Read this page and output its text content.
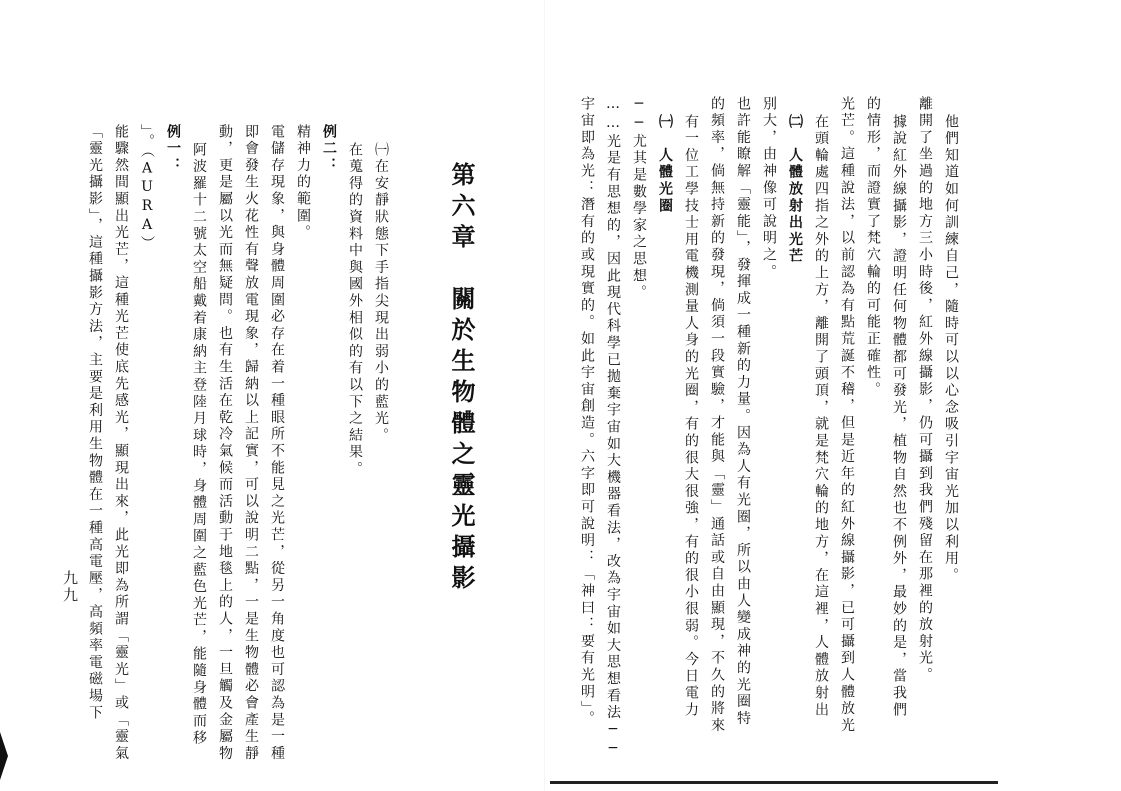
九九
㈠在安靜狀態下手指尖現出弱小的藍光。
在蒐得的資料中與國外相似的有以下之結果。
例二：
精神力的範圍。
電儲存現象，與身體周圍必存在着一種眼所不能見之光芒，從另一角度也可認為是一種
即會發生火花性有聲放電現象，歸納以上記實，可以說明二點，一是生物體必會產生靜
動，更是屬以光而無疑問。也有生活在乾冷氣候而活動于地毯上的人，一旦觸及金屬物
阿波羅十二號太空船戴着康納主登陸月球時，身體周圍之藍色光芒，能隨身體而移
例一：
」。（AURA）
能驟然間顯出光芒，這種光芒使底先感光，顯現出來，此光即為所謂「靈光」或「靈氣
「靈光攝影」，這種攝影方法，主要是利用生物體在一種高電壓，高頻率電磁場下	第六章　關於生物體之靈光攝影	他們知道如何訓練自己，隨時可以以心念吸引宇宙光加以利用。
離開了坐過的地方三小時後，紅外線攝影，仍可攝到我們殘留在那裡的放射光。
據說紅外線攝影，證明任何物體都可發光，植物自然也不例外，最妙的是，當我們
的情形，而證實了梵穴輪的可能正確性。
光芒。這種說法，以前認為有點荒誕不稽，但是近年的紅外線攝影，已可攝到人體放光
在頭輪處四指之外的上方，離開了頭頂，就是梵穴輪的地方，在這裡，人體放射出
㈡　人體放射出光芒
別大，由神像可說明之。
也許能瞭解「靈能」，發揮成一種新的力量。因為人有光圈，所以由人變成神的光圈特
的頻率，倘無持新的發現，倘須一段實驗，才能與「靈」通話或自由顯現，不久的將來
有一位工學技士用電機測量人身的光圈，有的很大很強，有的很小很弱。今日電力
㈠　人體光圈
──尤其是數學家之思想。
……光是有思想的，因此現代科學已拋棄宇宙如大機器看法，改為宇宙如大思想看法──
宇宙即為光：潛有的或現實的。如此宇宙創造。六字即可說明：「神曰：要有光明」。
